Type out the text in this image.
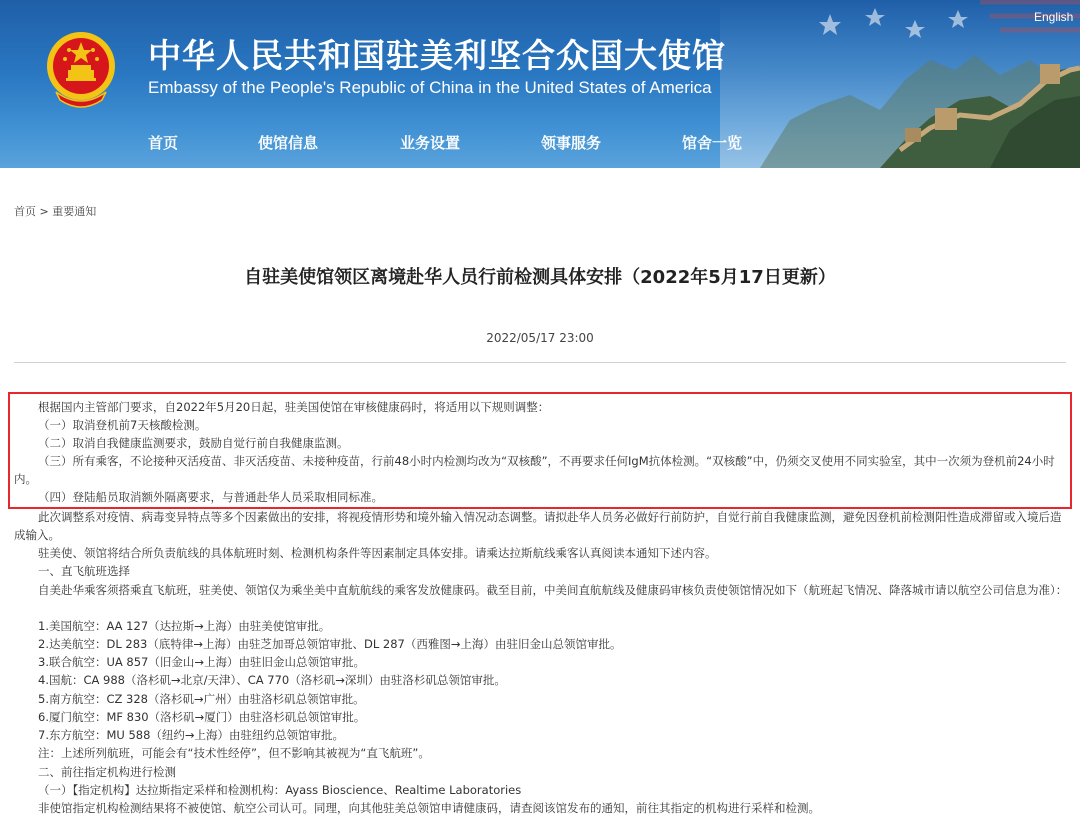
中华人民共和国驻美利坚合众国大使馆
Embassy of the People's Republic of China in the United States of America
English
首页	使馆信息	业务设置	领事服务	馆舍一览
首页 > 重要通知
自驻美使馆领区离境赴华人员行前检测具体安排（2022年5月17日更新）
2022/05/17 23:00

根据国内主管部门要求，自2022年5月20日起，驻美国使馆在审核健康码时，将适用以下规则调整：

（一）取消登机前7天核酸检测。

（二）取消自我健康监测要求，鼓励自觉行前自我健康监测。

（三）所有乘客，不论接种灭活疫苗、非灭活疫苗、未接种疫苗，行前48小时内检测均改为“双核酸”，不再要求任何IgM抗体检测。“双核酸”中，仍须交叉使用不同实验室，其中一次须为登机前24小时内。

（四）登陆船员取消额外隔离要求，与普通赴华人员采取相同标准。

此次调整系对疫情、病毒变异特点等多个因素做出的安排，将视疫情形势和境外输入情况动态调整。请拟赴华人员务必做好行前防护，自觉行前自我健康监测，避免因登机前检测阳性造成滞留或入境后造成输入。

驻美使、领馆将结合所负责航线的具体航班时刻、检测机构条件等因素制定具体安排。请乘达拉斯航线乘客认真阅读本通知下述内容。

一、直飞航班选择

自美赴华乘客须搭乘直飞航班，驻美使、领馆仅为乘坐美中直航航线的乘客发放健康码。截至目前，中美间直航航线及健康码审核负责使领馆情况如下（航班起飞情况、降落城市请以航空公司信息为准）：

1.美国航空：AA 127（达拉斯→上海）由驻美使馆审批。

2.达美航空：DL 283（底特律→上海）由驻芝加哥总领馆审批、DL 287（西雅图→上海）由驻旧金山总领馆审批。

3.联合航空：UA 857（旧金山→上海）由驻旧金山总领馆审批。

4.国航：CA 988（洛杉矶→北京/天津）、CA 770（洛杉矶→深圳）由驻洛杉矶总领馆审批。

5.南方航空：CZ 328（洛杉矶→广州）由驻洛杉矶总领馆审批。

6.厦门航空：MF 830（洛杉矶→厦门）由驻洛杉矶总领馆审批。

7.东方航空：MU 588（纽约→上海）由驻纽约总领馆审批。

注：上述所列航班，可能会有“技术性经停”，但不影响其被视为“直飞航班”。

二、前往指定机构进行检测

（一）【指定机构】达拉斯指定采样和检测机构：Ayass Bioscience、Realtime Laboratories

非使馆指定机构检测结果将不被使馆、航空公司认可。同理，向其他驻美总领馆申请健康码，请查阅该馆发布的通知，前往其指定的机构进行采样和检测。
